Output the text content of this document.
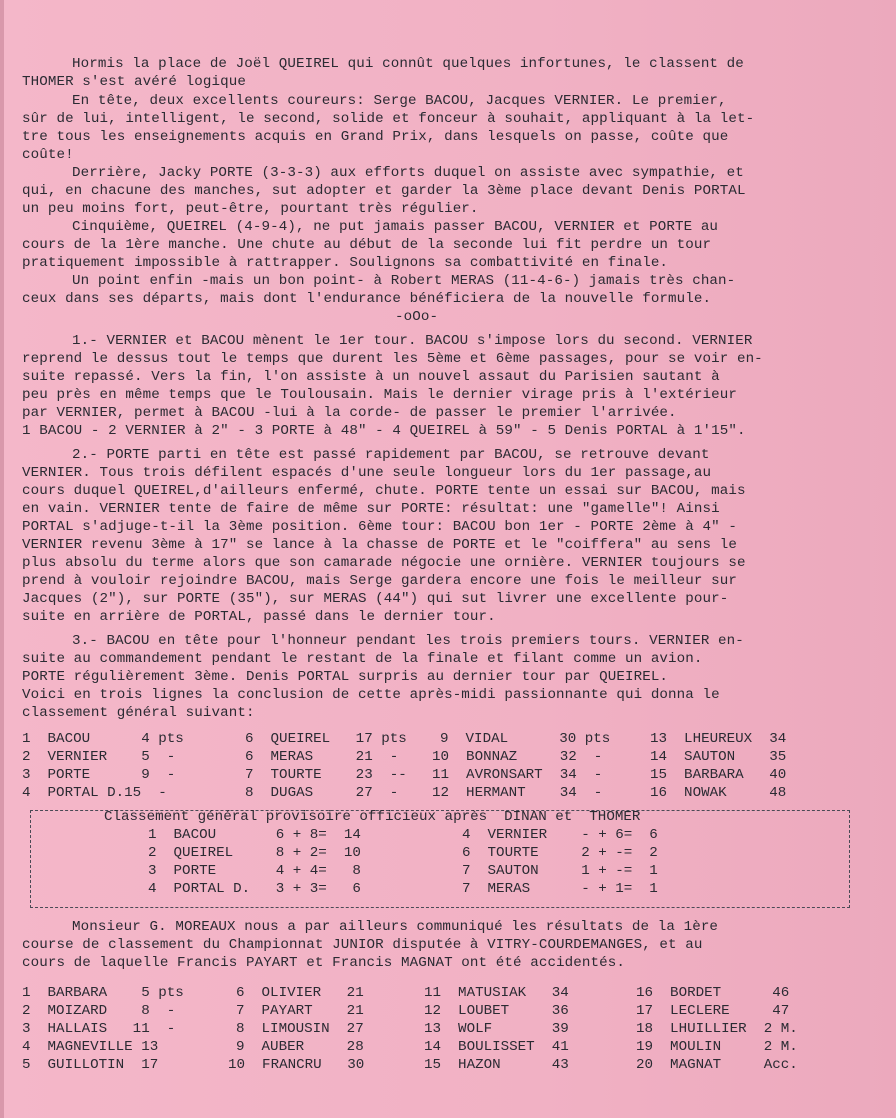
Hormis la place de Joël QUEIREL qui connût quelques infortunes, le classent de
THOMER s'est avéré logique
En tête, deux excellents coureurs: Serge BACOU, Jacques VERNIER. Le premier,
sûr de lui, intelligent, le second, solide et fonceur à souhait, appliquant à la let-
tre tous les enseignements acquis en Grand Prix, dans lesquels on passe, coûte que
coûte!
Derrière, Jacky PORTE (3-3-3) aux efforts duquel on assiste avec sympathie, et
qui, en chacune des manches, sut adopter et garder la 3ème place devant Denis PORTAL
un peu moins fort, peut-être, pourtant très régulier.
Cinquième, QUEIREL (4-9-4), ne put jamais passer BACOU, VERNIER et PORTE au
cours de la 1ère manche. Une chute au début de la seconde lui fit perdre un tour
pratiquement impossible à rattrapper. Soulignons sa combattivité en finale.
Un point enfin -mais un bon point- à Robert MERAS (11-4-6-) jamais très chan-
ceux dans ses départs, mais dont l'endurance bénéficiera de la nouvelle formule.
-oOo-
1.- VERNIER et BACOU mènent le 1er tour. BACOU s'impose lors du second. VERNIER
reprend le dessus tout le temps que durent les 5ème et 6ème passages, pour se voir en-
suite repassé. Vers la fin, l'on assiste à un nouvel assaut du Parisien sautant à
peu près en même temps que le Toulousain. Mais le dernier virage pris à l'extérieur
par VERNIER, permet à BACOU -lui à la corde- de passer le premier l'arrivée.
1 BACOU - 2 VERNIER à 2" - 3 PORTE à 48" - 4 QUEIREL à 59" - 5 Denis PORTAL à 1'15".
2.- PORTE parti en tête est passé rapidement par BACOU, se retrouve devant
VERNIER. Tous trois défilent espacés d'une seule longueur lors du 1er passage,au
cours duquel QUEIREL,d'ailleurs enfermé, chute. PORTE tente un essai sur BACOU, mais
en vain. VERNIER tente de faire de même sur PORTE: résultat: une "gamelle"! Ainsi
PORTAL s'adjuge-t-il la 3ème position. 6ème tour: BACOU bon 1er - PORTE 2ème à 4" -
VERNIER revenu 3ème à 17" se lance à la chasse de PORTE et le "coiffera" au sens le
plus absolu du terme alors que son camarade négocie une ornière. VERNIER toujours se
prend à vouloir rejoindre BACOU, mais Serge gardera encore une fois le meilleur sur
Jacques (2"), sur PORTE (35"), sur MERAS (44") qui sut livrer une excellente pour-
suite en arrière de PORTAL, passé dans le dernier tour.
3.- BACOU en tête pour l'honneur pendant les trois premiers tours. VERNIER en-
suite au commandement pendant le restant de la finale et filant comme un avion.
PORTE régulièrement 3ème. Denis PORTAL surpris au dernier tour par QUEIREL.
Voici en trois lignes la conclusion de cette après-midi passionnante qui donna le
classement général suivant:
1  BACOU      4 pts	6  QUEIREL   17 pts 9  VIDAL      30 pts	13  LHEUREUX  34
2  VERNIER    5  -	6  MERAS     21  - 10  BONNAZ     32  -	14  SAUTON    35
3  PORTE      9  -	7  TOURTE    23  -- 11  AVRONSART  34  -	15  BARBARA   40
4  PORTAL D.15  -	8  DUGAS     27  - 12  HERMANT    34  -	16  NOWAK     48
Classement général provisoire officieux après  DINAN et  THOMER
1  BACOU       6 + 8=  14	4  VERNIER    - + 6=  6
2  QUEIREL     8 + 2=  10	6  TOURTE     2 + -=  2
3  PORTE       4 + 4=   8	7  SAUTON     1 + -=  1
4  PORTAL D.   3 + 3=   6	7  MERAS      - + 1=  1
Monsieur G. MOREAUX nous a par ailleurs communiqué les résultats de la 1ère
course de classement du Championnat JUNIOR disputée à VITRY-COURDEMANGES, et au
cours de laquelle Francis PAYART et Francis MAGNAT ont été accidentés.
1  BARBARA    5 pts	6  OLIVIER   21	11  MATUSIAK   34	16  BORDET      46
2  MOIZARD    8  -	7  PAYART    21	12  LOUBET     36	17  LECLERE     47
3  HALLAIS   11  -	8  LIMOUSIN  27	13  WOLF       39	18  LHUILLIER  2 M.
4  MAGNEVILLE 13	9  AUBER     28	14  BOULISSET  41	19  MOULIN     2 M.
5  GUILLOTIN  17	10  FRANCRU   30	15  HAZON      43	20  MAGNAT     Acc.
